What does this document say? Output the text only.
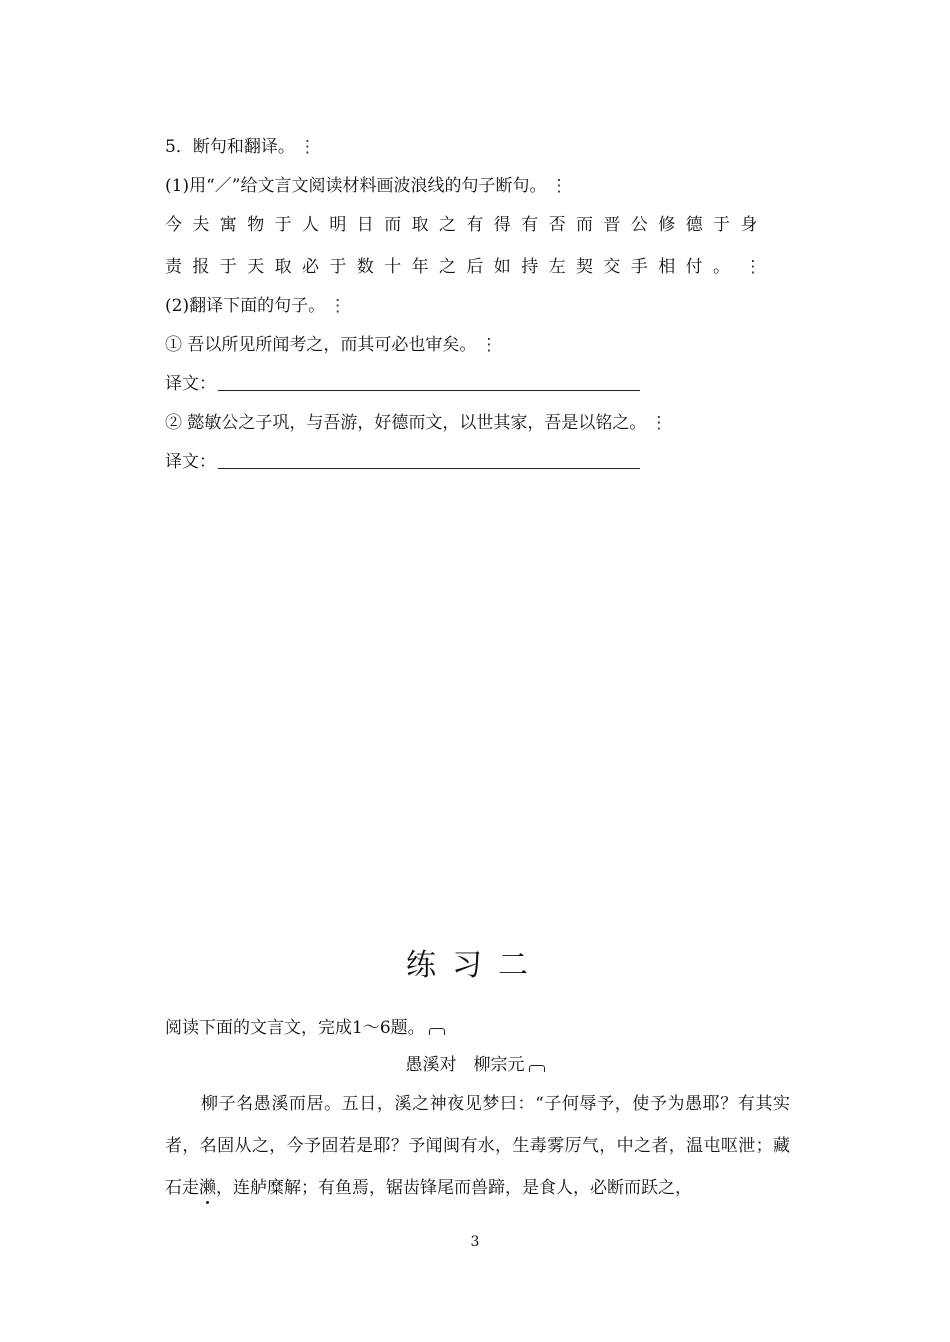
5．断句和翻译。 ⋮
(1)用“／”给文言文阅读材料画波浪线的句子断句。 ⋮
今夫寓物于人明日而取之有得有否而晋公修德于身
责报于天取必于数十年之后如持左契交手相付。 ⋮
(2)翻译下面的句子。 ⋮
① 吾以所见所闻考之，而其可必也审矣。 ⋮
译文：
② 懿敏公之子巩，与吾游，好德而文，以世其家，吾是以铭之。 ⋮
译文：
练习二
阅读下面的文言文，完成1～6题。
愚溪对　柳宗元
柳子名愚溪而居。五日，溪之神夜见梦曰：“子何辱予，使予为愚耶？有其实者，名固从之，今予固若是耶？予闻闽有水，生毒雾厉气，中之者，温屯呕泄；藏石走濑，连舻糜解；有鱼焉，锯齿锋尾而兽蹄，是食人，必断而跃之，
3
